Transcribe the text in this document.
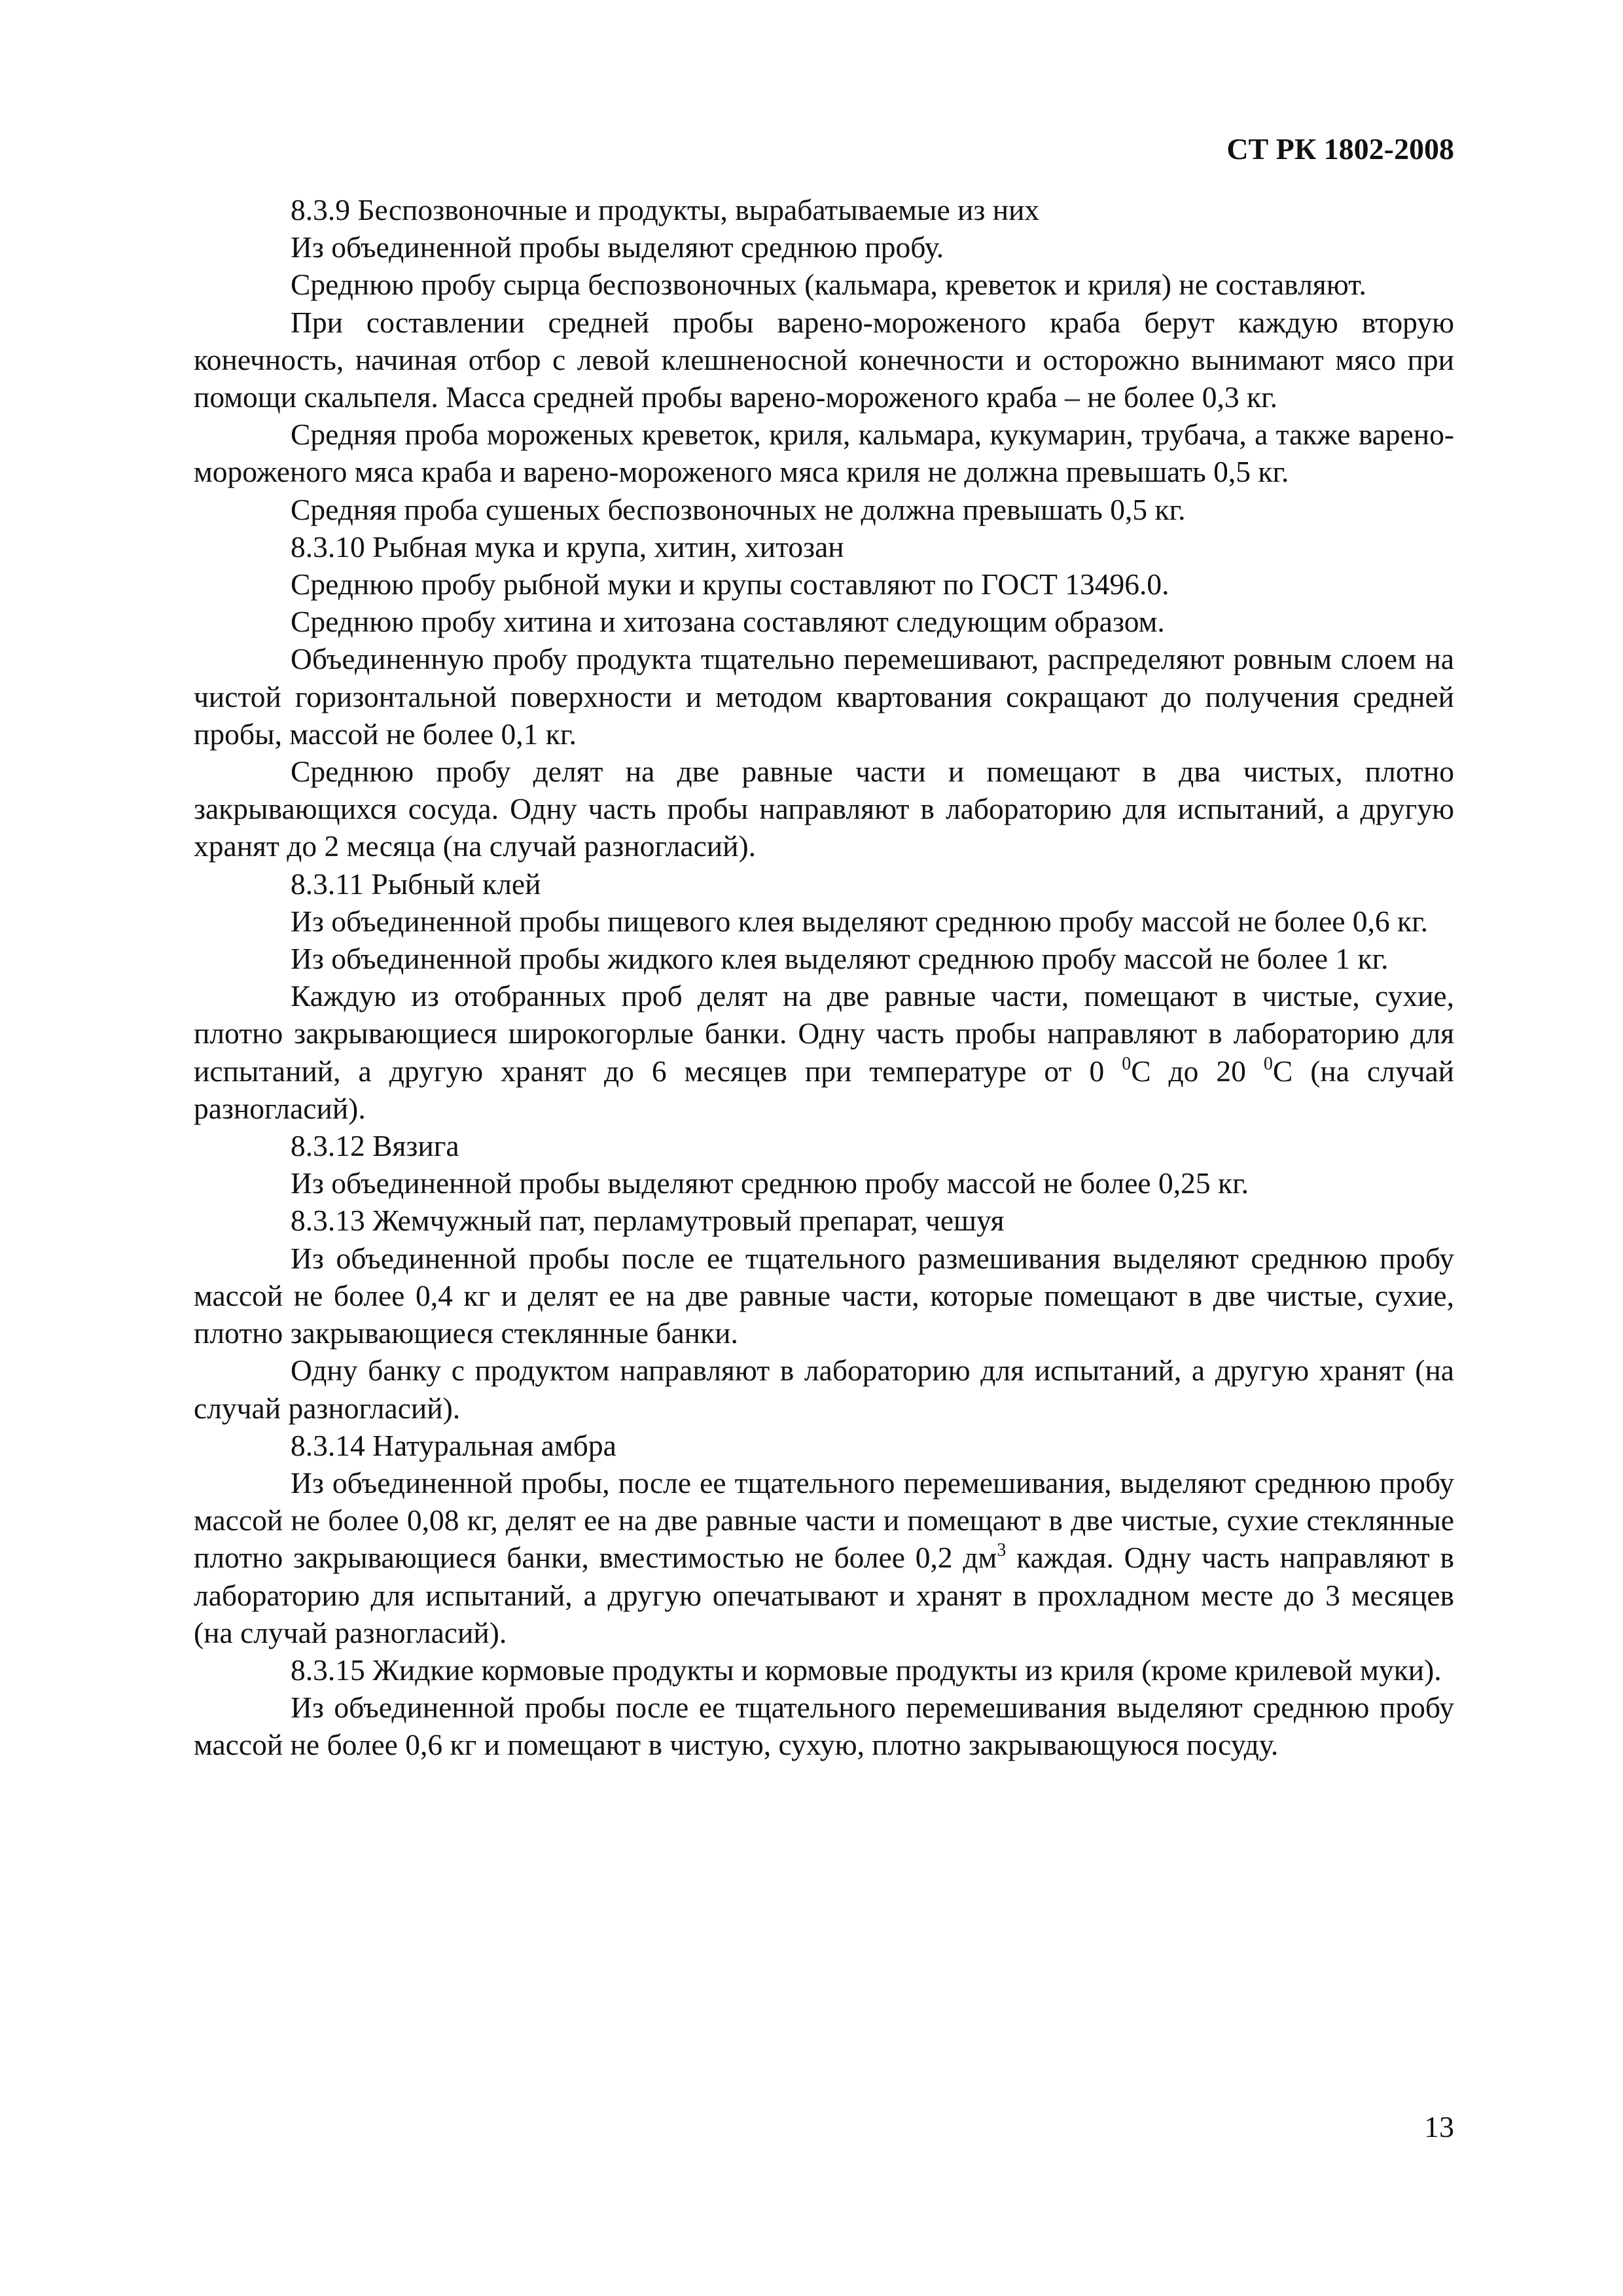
СТ РК 1802-2008

8.3.9 Беспозвоночные и продукты, вырабатываемые из них

Из объединенной пробы выделяют среднюю пробу.

Среднюю пробу сырца беспозвоночных (кальмара, креветок и криля) не составляют.

При составлении средней пробы варено-мороженого краба берут каждую вторую конечность, начиная отбор с левой клешненосной конечности и осторожно вынимают мясо при помощи скальпеля. Масса средней пробы варено-мороженого краба – не более 0,3 кг.

Средняя проба мороженых креветок, криля, кальмара, кукумарин, трубача, а также варено-мороженого мяса краба и варено-мороженого мяса криля не должна превышать 0,5 кг.

Средняя проба сушеных беспозвоночных не должна превышать 0,5 кг.

8.3.10 Рыбная мука и крупа, хитин, хитозан

Среднюю пробу рыбной муки и крупы составляют по ГОСТ 13496.0.

Среднюю пробу хитина и хитозана составляют следующим образом.

Объединенную пробу продукта тщательно перемешивают, распределяют ровным слоем на чистой горизонтальной поверхности и методом квартования сокращают до получения средней пробы, массой не более 0,1 кг.

Среднюю пробу делят на две равные части и помещают в два чистых, плотно закрывающихся сосуда. Одну часть пробы направляют в лабораторию для испытаний, а другую хранят до 2 месяца (на случай разногласий).

8.3.11 Рыбный клей

Из объединенной пробы пищевого клея выделяют среднюю пробу массой не более 0,6 кг.

Из объединенной пробы жидкого клея выделяют среднюю пробу массой не более 1 кг.

Каждую из отобранных проб делят на две равные части, помещают в чистые, сухие, плотно закрывающиеся широкогорлые банки. Одну часть пробы направляют в лабораторию для испытаний, а другую хранят до 6 месяцев при температуре от 0 $^0$С до 20 $^0$С (на случай разногласий).

8.3.12 Вязига

Из объединенной пробы выделяют среднюю пробу массой не более 0,25 кг.

8.3.13 Жемчужный пат, перламутровый препарат, чешуя

Из объединенной пробы после ее тщательного размешивания выделяют среднюю пробу массой не более 0,4 кг и делят ее на две равные части, которые помещают в две чистые, сухие, плотно закрывающиеся стеклянные банки.

Одну банку с продуктом направляют в лабораторию для испытаний, а другую хранят (на случай разногласий).

8.3.14 Натуральная амбра

Из объединенной пробы, после ее тщательного перемешивания, выделяют среднюю пробу массой не более 0,08 кг, делят ее на две равные части и помещают в две чистые, сухие стеклянные плотно закрывающиеся банки, вместимостью не более 0,2 $дм^3$ каждая. Одну часть направляют в лабораторию для испытаний, а другую опечатывают и хранят в прохладном месте до 3 месяцев (на случай разногласий).

8.3.15 Жидкие кормовые продукты и кормовые продукты из криля (кроме крилевой муки).

Из объединенной пробы после ее тщательного перемешивания выделяют среднюю пробу массой не более 0,6 кг и помещают в чистую, сухую, плотно закрывающуюся посуду.

13
